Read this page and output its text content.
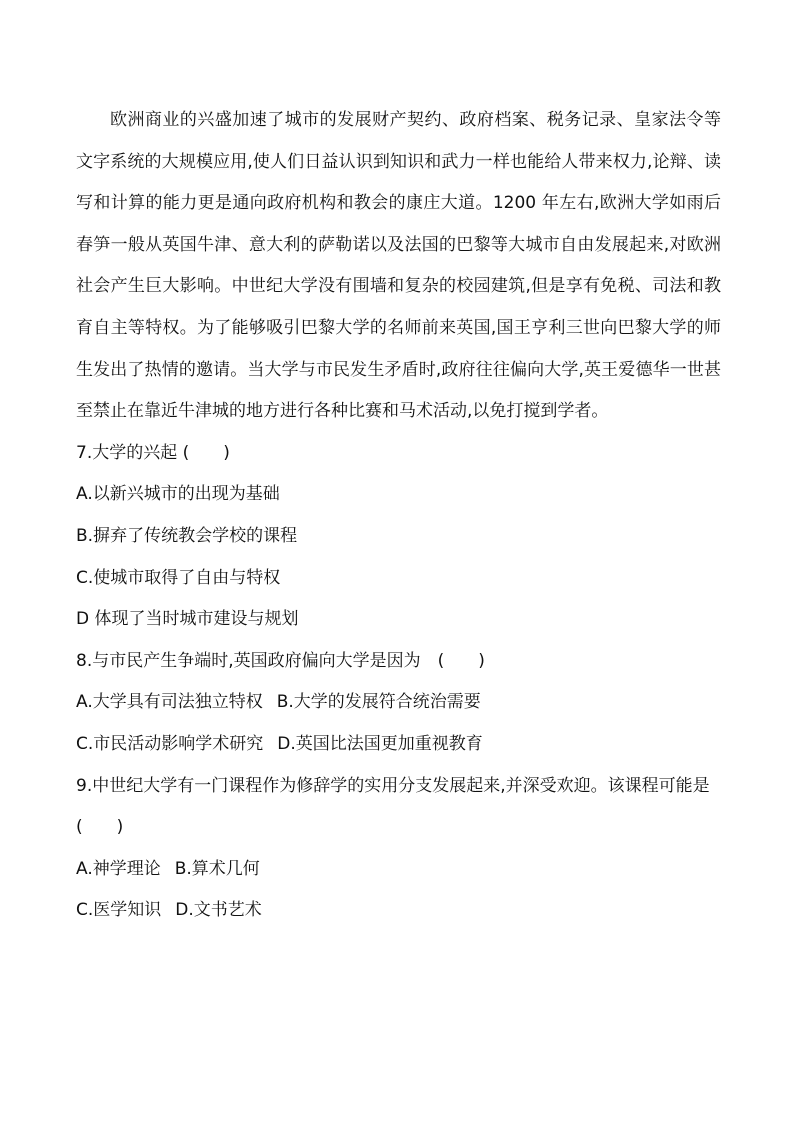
欧洲商业的兴盛加速了城市的发展财产契约、政府档案、税务记录、皇家法令等文字系统的大规模应用,使人们日益认识到知识和武力一样也能给人带来权力,论辩、读写和计算的能力更是通向政府机构和教会的康庄大道。1200 年左右,欧洲大学如雨后春笋一般从英国牛津、意大利的萨勒诺以及法国的巴黎等大城市自由发展起来,对欧洲社会产生巨大影响。中世纪大学没有围墙和复杂的校园建筑,但是享有免税、司法和教育自主等特权。为了能够吸引巴黎大学的名师前来英国,国王亨利三世向巴黎大学的师生发出了热情的邀请。当大学与市民发生矛盾时,政府往往偏向大学,英王爱德华一世甚至禁止在靠近牛津城的地方进行各种比赛和马术活动,以免打搅到学者。

7.大学的兴起 (　　)

A.以新兴城市的出现为基础

B.摒弃了传统教会学校的课程

C.使城市取得了自由与特权

D 体现了当时城市建设与规划

8.与市民产生争端时,英国政府偏向大学是因为　(　　)

A.大学具有司法独立特权 B.大学的发展符合统治需要

C.市民活动影响学术研究 D.英国比法国更加重视教育

9.中世纪大学有一门课程作为修辞学的实用分支发展起来,并深受欢迎。该课程可能是　 (　　)

A.神学理论 B.算术几何

C.医学知识 D.文书艺术
